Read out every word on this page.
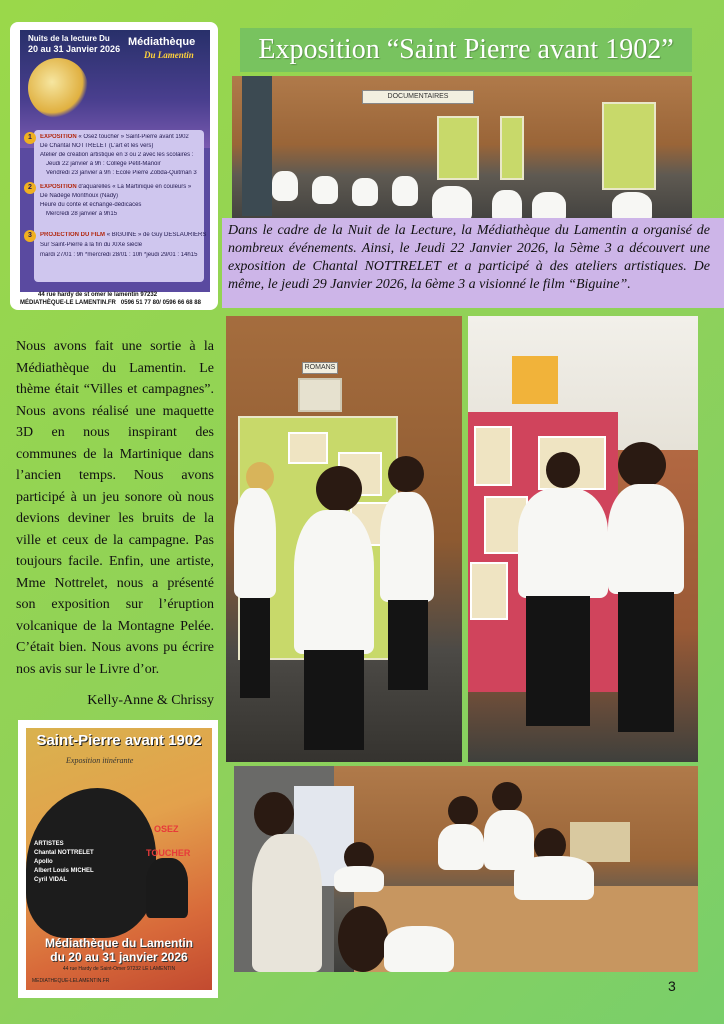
Nuits de la lecture Du
20 au 31 Janvier 2026
Médiathèque
Du Lamentin
1	EXPOSITION « Osez toucher » Saint-Pierre avant 1902
De Chantal NOTTRELET (L'art et les vers)
Atelier de création artistique en 3 ou 2 avec les scolaires :
Jeudi 22 janvier à 9h : Collège Petit-Manoir
Vendredi 23 janvier à 9h : École Pierre Zobda-Quitman 3
2	EXPOSITION d'aquarelles « La Martinique en couleurs »
De Nadège Monthoux (Nady)
Heure du conte et échange-dédicaces
Mercredi 28 janvier à 9h15
3	PROJECTION DU FILM « BIGUINE » de Guy DESLAURIERS
Sur Saint-Pierre à la fin du XIXe siècle
mardi 27/01 : 9h *mercredi 28/01 : 10h *jeudi 29/01 : 14h15
44 rue hardy de st omer le lamentin 97232
MÉDIATHÈQUE-LE LAMENTIN.FR 0596 51 77 80/ 0596 66 68 88
Exposition “Saint Pierre avant 1902”
DOCUMENTAIRES

Dans le cadre de la Nuit de la Lecture, la Médiathèque du Lamentin a organisé de nombreux événements. Ainsi, le Jeudi 22 Janvier 2026, la 5ème 3 a découvert une exposition de Chantal NOTTRELET et a participé à des ateliers artistiques. De même, le jeudi 29 Janvier 2026, la 6ème 3 a visionné le film “Biguine”.

Nous avons fait une sortie à la Médiathèque du Lamentin. Le thème était “Villes et campagnes”. Nous avons réalisé une maquette 3D en nous inspirant des communes de la Martinique dans l’ancien temps. Nous avons participé à un jeu sonore où nous devions deviner les bruits de la ville et ceux de la campagne. Pas toujours facile. Enfin, une artiste, Mme Nottrelet, nous a présenté son exposition sur l’éruption volcanique de la Montagne Pelée. C’était bien. Nous avons pu écrire nos avis sur le Livre d’or.
Kelly-Anne & Chrissy
ROMANS
Saint-Pierre avant 1902
Exposition itinérante
OSEZ
TOUCHER
ARTISTES
Chantal NOTTRELET
Apollo
Albert Louis MICHEL
Cyril VIDAL
Médiathèque du Lamentin
du 20 au 31 janvier 2026
44 rue Hardy de Saint-Omer 97232 LE LAMENTIN
MEDIATHEQUE-LELAMENTIN.FR	3
